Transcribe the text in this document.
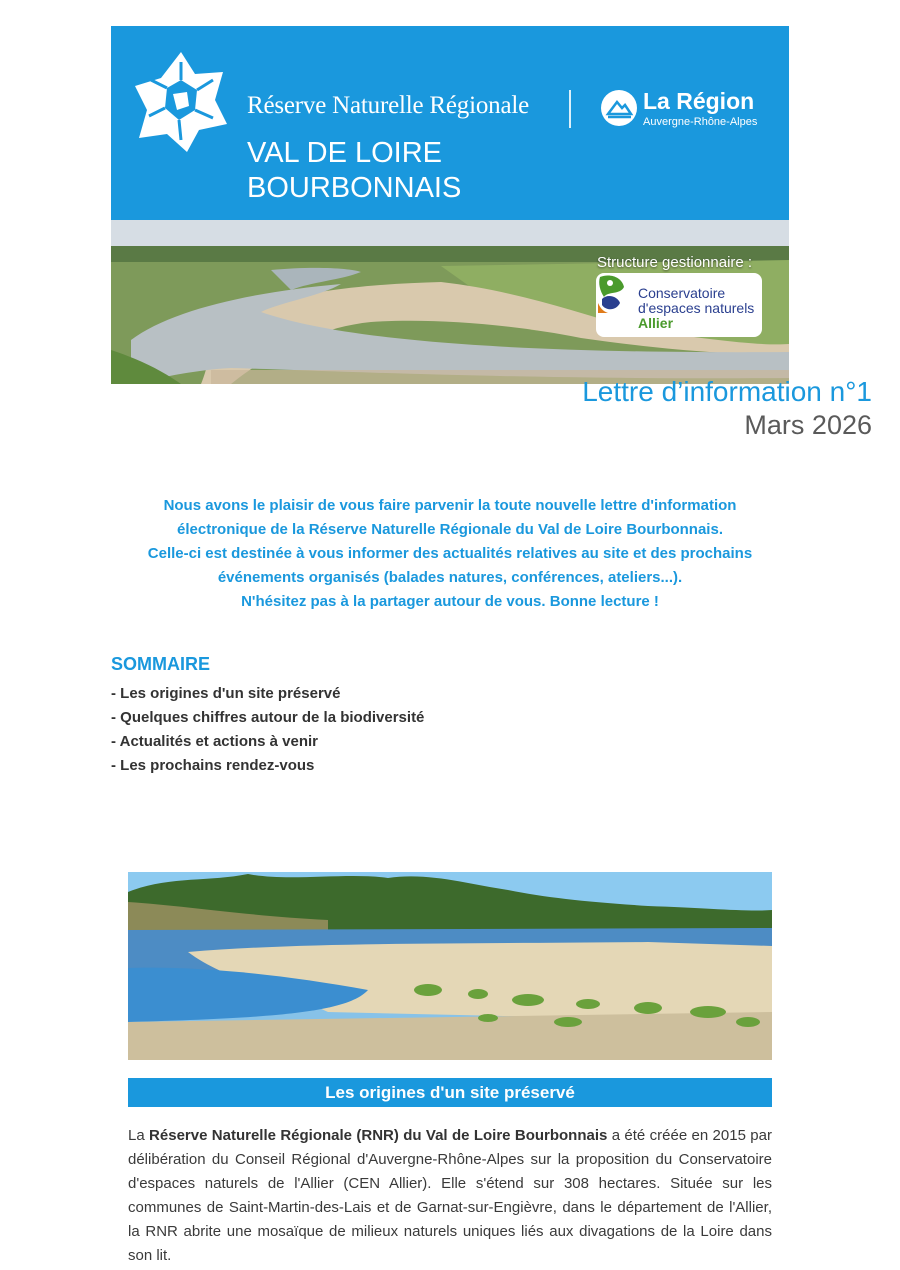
Réserve Naturelle Régionale
VAL DE LOIRE
BOURBONNAIS
La Région
Auvergne-Rhône-Alpes
Structure gestionnaire :
Conservatoire
d'espaces naturels
Allier
Lettre d’information n°1
Mars 2026

Nous avons le plaisir de vous faire parvenir la toute nouvelle lettre d'information

électronique de la Réserve Naturelle Régionale du Val de Loire Bourbonnais.

Celle-ci est destinée à vous informer des actualités relatives au site et des prochains

événements organisés (balades natures, conférences, ateliers...).

N'hésitez pas à la partager autour de vous. Bonne lecture !

SOMMAIRE
- Les origines d'un site préservé
- Quelques chiffres autour de la biodiversité
- Actualités et actions à venir
- Les prochains rendez-vous
Les origines d'un site préservé
La Réserve Naturelle Régionale (RNR) du Val de Loire Bourbonnais a été créée en 2015 par délibération du Conseil Régional d'Auvergne-Rhône-Alpes sur la proposition du Conservatoire d'espaces naturels de l'Allier (CEN Allier). Elle s'étend sur 308 hectares. Située sur les communes de Saint-Martin-des-Lais et de Garnat-sur-Engièvre, dans le département de l'Allier, la RNR abrite une mosaïque de milieux naturels uniques liés aux divagations de la Loire dans son lit.
